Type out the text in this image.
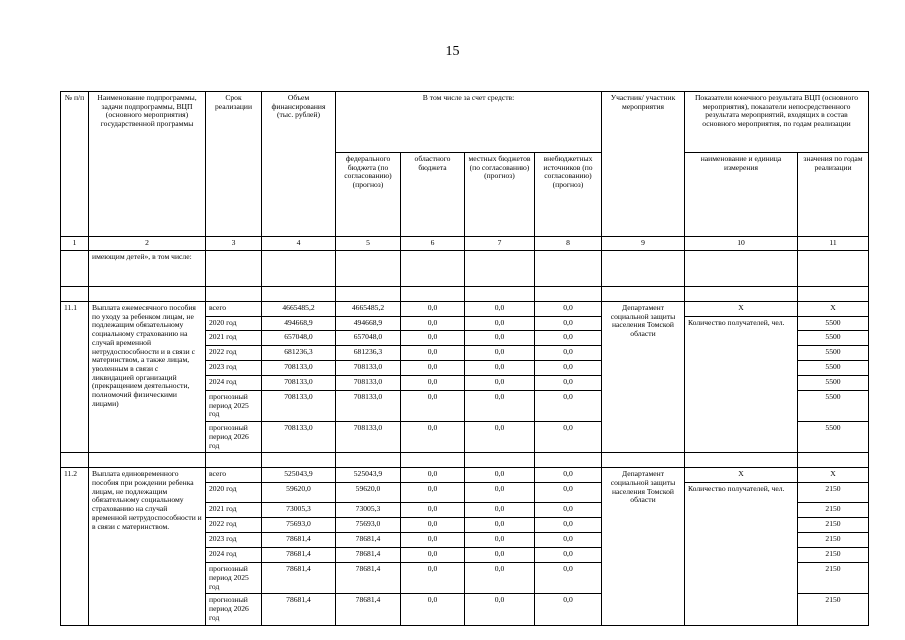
15
№ п/п	Наименование подпрограммы, задачи подпрограммы, ВЦП (основного мероприятия) государственной программы	Срок реализации	Объем финансирования (тыс. рублей)	В том числе за счет средств:				Участник/ участник мероприятия	Показатели конечного результата ВЦП (основного мероприятия), показатели непосредственного результата мероприятий, входящих в состав основного мероприятия, по годам реализации	
				федерального бюджета (по согласованию) (прогноз)	областного бюджета	местных бюджетов (по согласованию) (прогноз)	внебюджетных источников (по согласованию) (прогноз)		наименование и единица измерения	значения по годам реализации
1	2	3	4	5	6	7	8	9	10	11
	имеющим детей», в том числе:									

11.1	Выплата ежемесячного пособия по уходу за ребенком лицам, не подлежащим обязательному социальному страхованию на случай временной нетрудоспособности и в связи с материнством, а также лицам, уволенным в связи с ликвидацией организаций (прекращением деятельности, полномочий физическими лицами)	всего	4665485,2	4665485,2	0,0	0,0	0,0	Департамент социальной защиты населения Томской области	Х	Х
		2020 год	494668,9	494668,9	0,0	0,0	0,0		Количество получателей, чел.	5500
		2021 год	657048,0	657048,0	0,0	0,0	0,0			5500
		2022 год	681236,3	681236,3	0,0	0,0	0,0			5500
		2023 год	708133,0	708133,0	0,0	0,0	0,0			5500
		2024 год	708133,0	708133,0	0,0	0,0	0,0			5500
		прогнозный период 2025 год	708133,0	708133,0	0,0	0,0	0,0			5500
		прогнозный период 2026 год	708133,0	708133,0	0,0	0,0	0,0			5500

11.2	Выплата единовременного пособия при рождении ребенка лицам, не подлежащим обязательному социальному страхованию на случай временной нетрудоспособности и в связи с материнством.	всего	525043,9	525043,9	0,0	0,0	0,0	Департамент социальной защиты населения Томской области	Х	Х
		2020 год	59620,0	59620,0	0,0	0,0	0,0		Количество получателей, чел.	2150
		2021 год	73005,3	73005,3	0,0	0,0	0,0			2150
		2022 год	75693,0	75693,0	0,0	0,0	0,0			2150
		2023 год	78681,4	78681,4	0,0	0,0	0,0			2150
		2024 год	78681,4	78681,4	0,0	0,0	0,0			2150
		прогнозный период 2025 год	78681,4	78681,4	0,0	0,0	0,0			2150
		прогнозный период 2026 год	78681,4	78681,4	0,0	0,0	0,0			2150
